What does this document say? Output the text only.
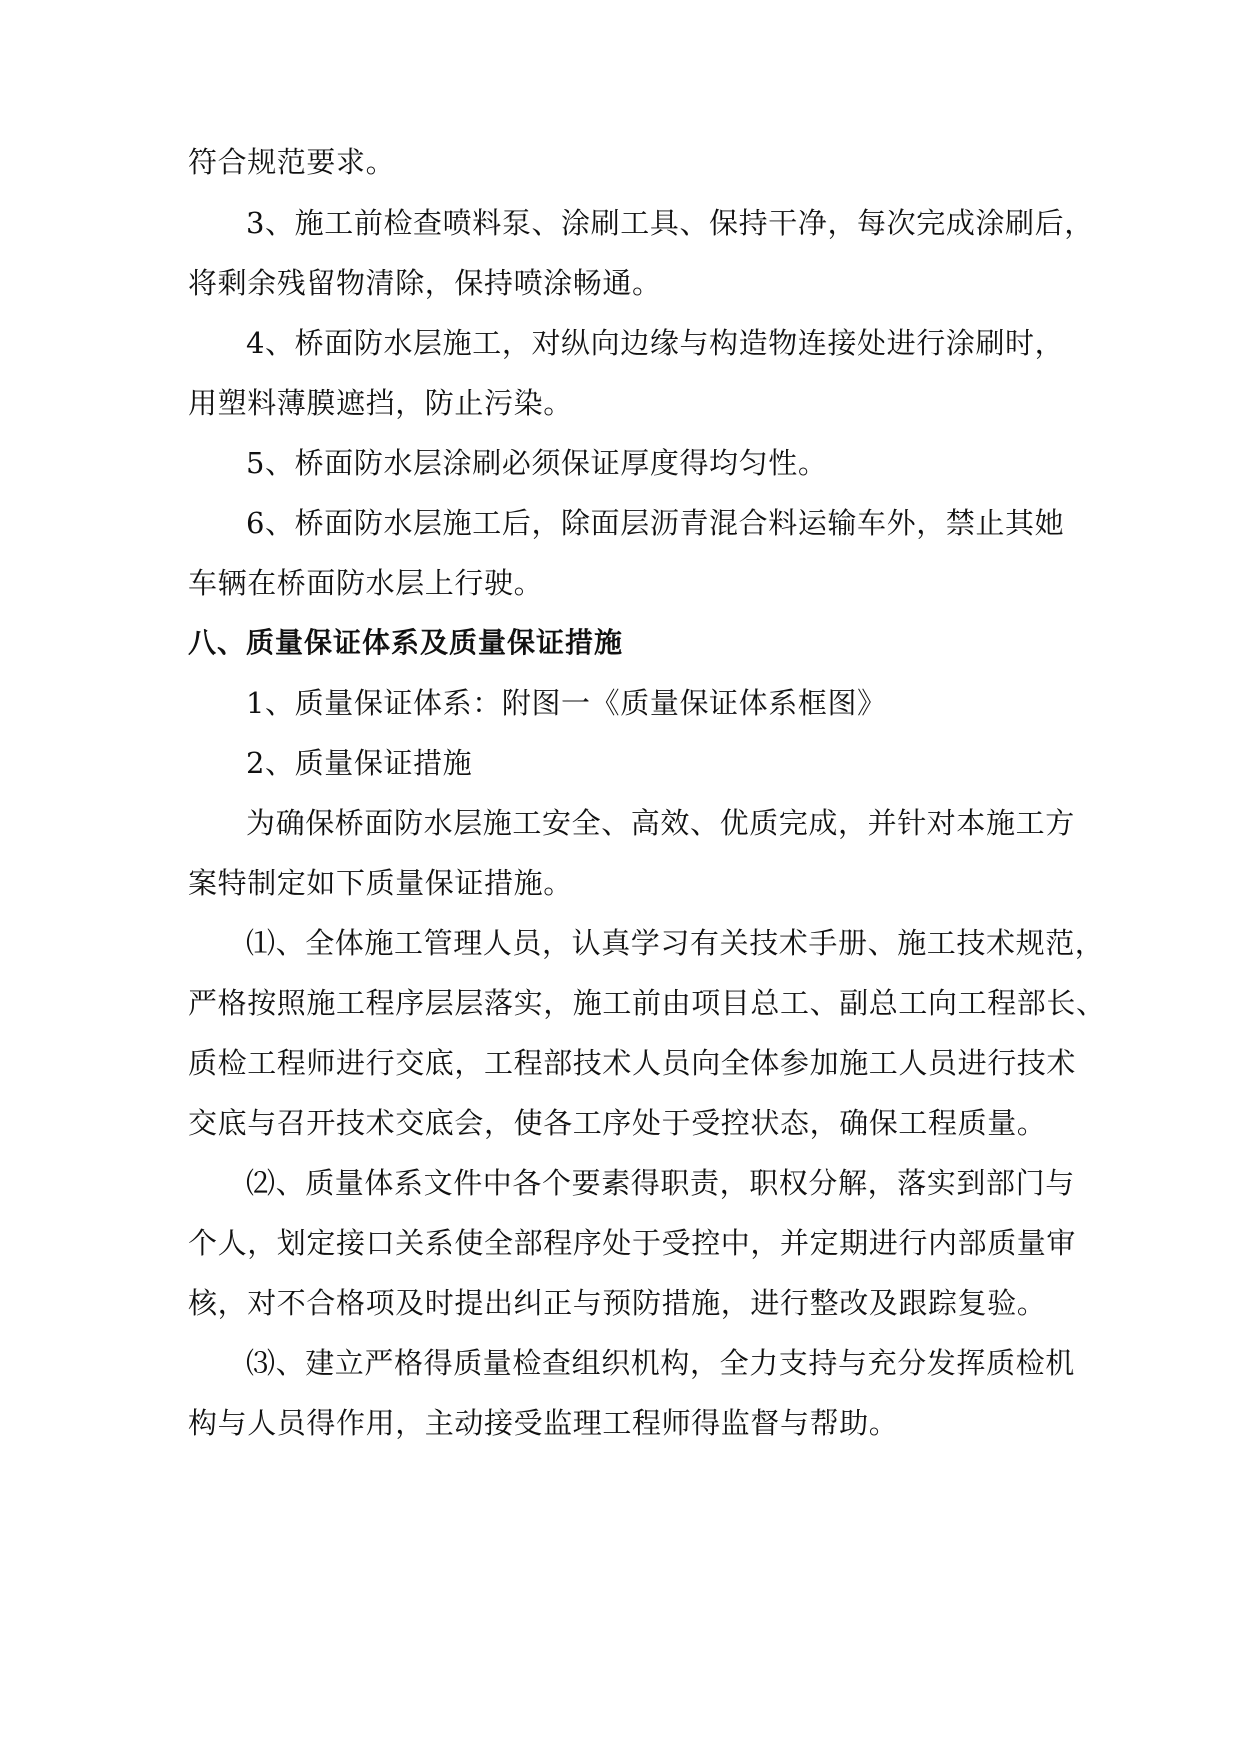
符合规范要求。
3、施工前检查喷料泵、涂刷工具、保持干净，每次完成涂刷后，
将剩余残留物清除，保持喷涂畅通。
4、桥面防水层施工，对纵向边缘与构造物连接处进行涂刷时，
用塑料薄膜遮挡，防止污染。
5、桥面防水层涂刷必须保证厚度得均匀性。
6、桥面防水层施工后，除面层沥青混合料运输车外，禁止其她
车辆在桥面防水层上行驶。
八、质量保证体系及质量保证措施
1、质量保证体系：附图一《质量保证体系框图》
2、质量保证措施
为确保桥面防水层施工安全、高效、优质完成，并针对本施工方
案特制定如下质量保证措施。
⑴、全体施工管理人员，认真学习有关技术手册、施工技术规范，
严格按照施工程序层层落实，施工前由项目总工、副总工向工程部长、
质检工程师进行交底，工程部技术人员向全体参加施工人员进行技术
交底与召开技术交底会，使各工序处于受控状态，确保工程质量。
⑵、质量体系文件中各个要素得职责，职权分解，落实到部门与
个人，划定接口关系使全部程序处于受控中，并定期进行内部质量审
核，对不合格项及时提出纠正与预防措施，进行整改及跟踪复验。
⑶、建立严格得质量检查组织机构，全力支持与充分发挥质检机
构与人员得作用，主动接受监理工程师得监督与帮助。
